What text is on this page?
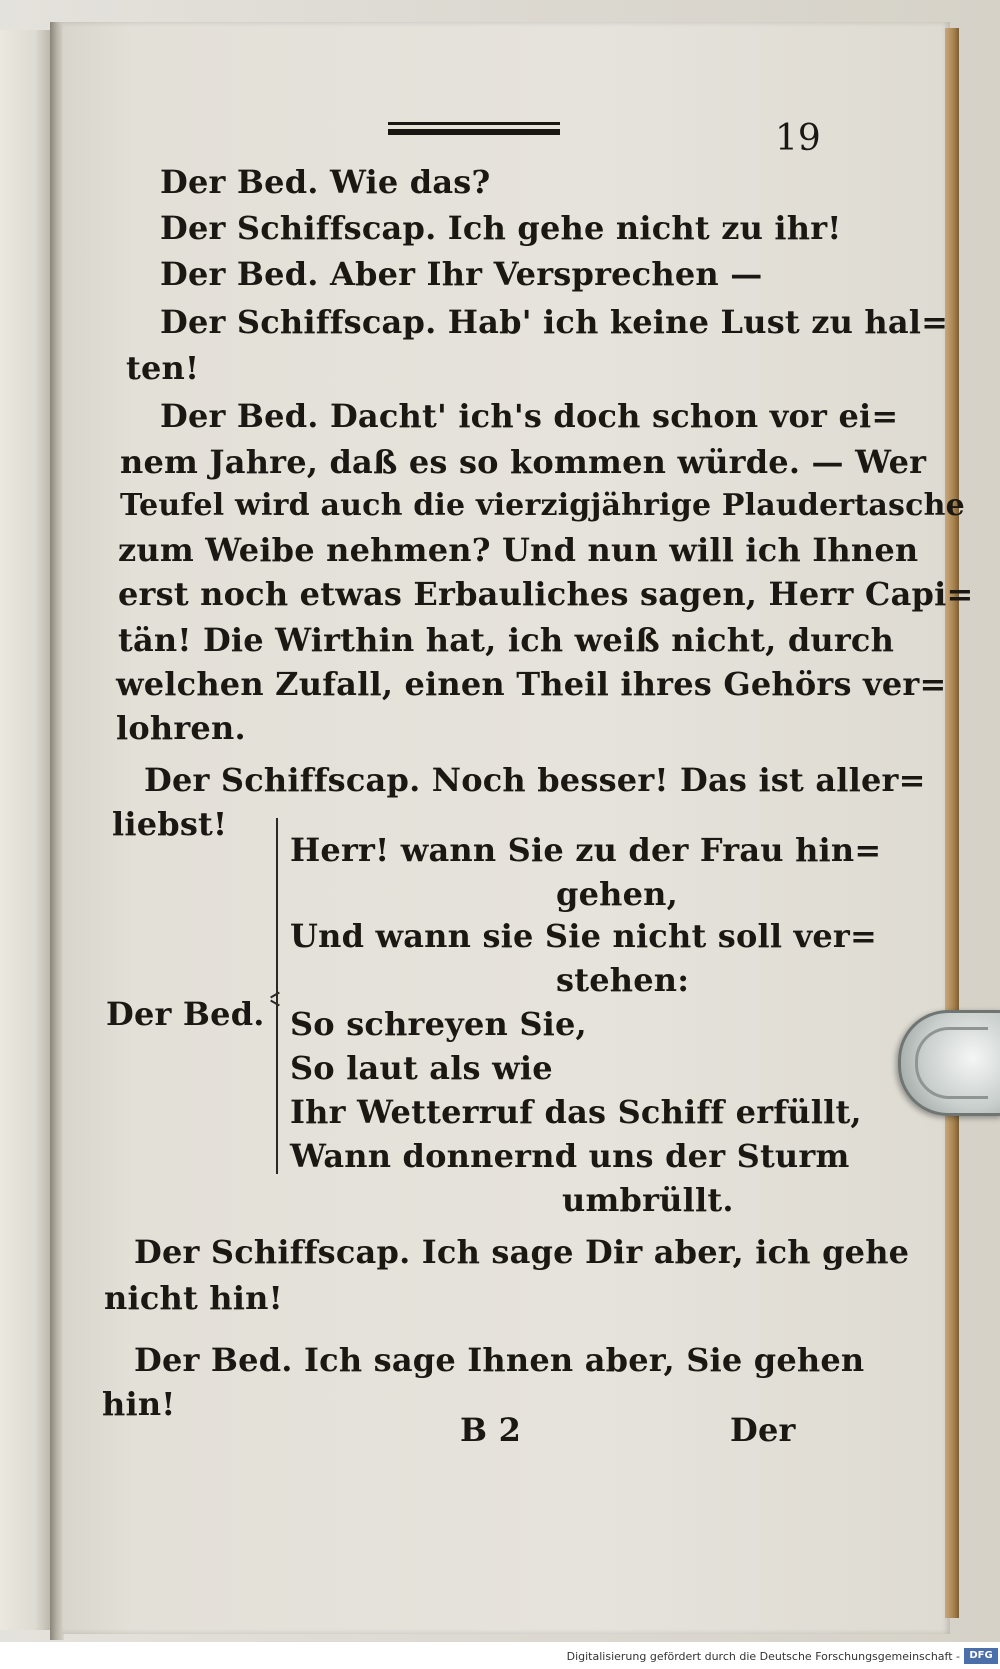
19
Der Bed. Wie das?
Der Schiffscap. Ich gehe nicht zu ihr!
Der Bed. Aber Ihr Versprechen —
Der Schiffscap. Hab' ich keine Lust zu hal=
ten!
Der Bed. Dacht' ich's doch schon vor ei=
nem Jahre, daß es so kommen würde. — Wer
Teufel wird auch die vierzigjährige Plaudertasche
zum Weibe nehmen? Und nun will ich Ihnen
erst noch etwas Erbauliches sagen, Herr Capi=
tän! Die Wirthin hat, ich weiß nicht, durch
welchen Zufall, einen Theil ihres Gehörs ver=
lohren.
Der Schiffscap. Noch besser! Das ist aller=
liebst!
Der Bed.
Herr! wann Sie zu der Frau hin=
gehen,
Und wann sie Sie nicht soll ver=
stehen:
So schreyen Sie,
So laut als wie
Ihr Wetterruf das Schiff erfüllt,
Wann donnernd uns der Sturm
umbrüllt.
Der Schiffscap. Ich sage Dir aber, ich gehe
nicht hin!
Der Bed. Ich sage Ihnen aber, Sie gehen
hin!
B 2	Der
Digitalisierung gefördert durch die Deutsche Forschungsgemeinschaft - DFG
